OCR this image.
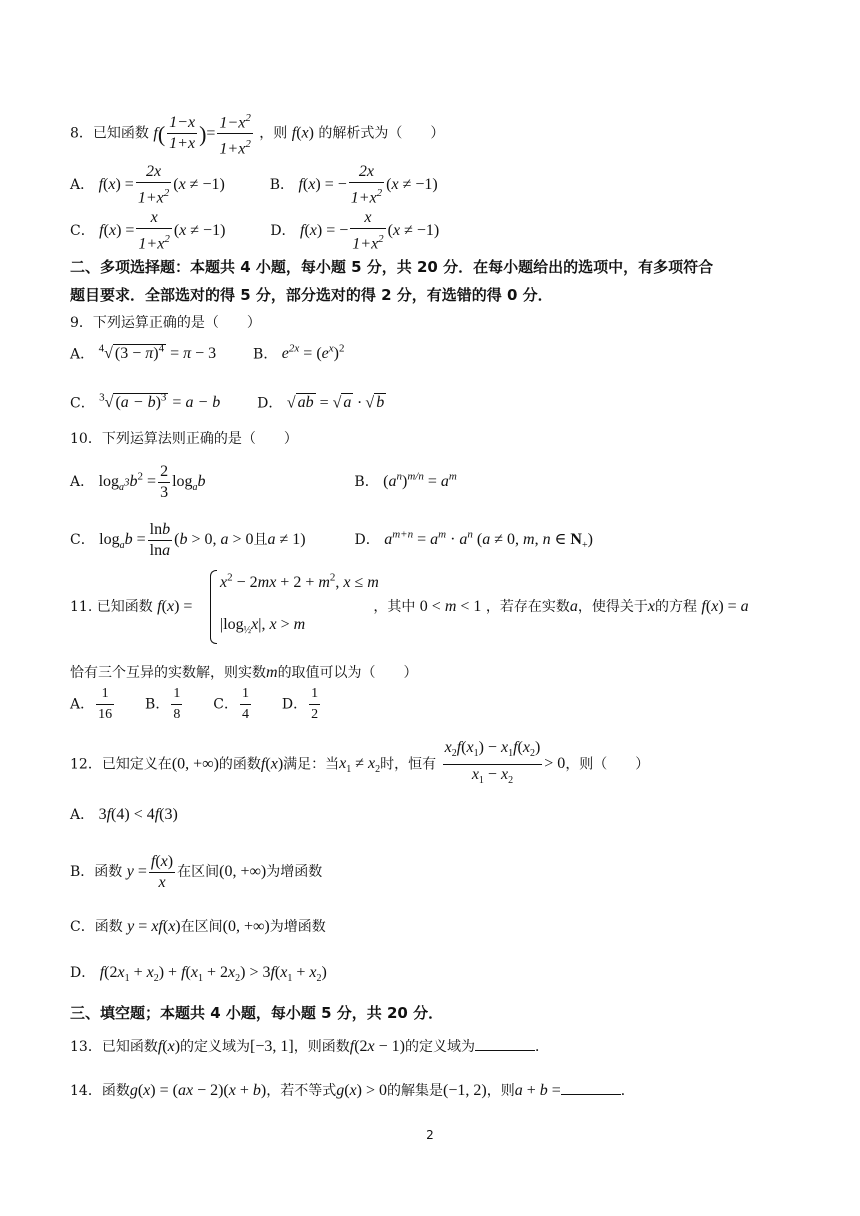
8．已知函数 $f( \frac{1-x}{1+x}$ )= $\frac{1-x^2}{1+x^2}$ ，则 f(x) 的解析式为（　　）
A． $f(x) = \frac{2x}{1+x^2} (x \ne -1)$	B． f(x) = − $\frac{2x}{1+x^2} (x \ne -1)$
C． $f(x) = \frac{x}{1+x^2} (x \ne -1)$	D． f(x) = − $\frac{x}{1+x^2} (x \ne -1)$
二、多项选择题：本题共 4 小题，每小题 5 分，共 20 分．在每小题给出的选项中，有多项符合
题目要求．全部选对的得 5 分，部分选对的得 2 分，有选错的得 0 分．
9．下列运算正确的是（　　）
A． $^4$√ $(3 - \pi)^4 = \pi - 3$	B． $e^{2x} = (e^x)^2$
C． $^3$√ $(a - b)^3 = a - b$	D． √ ab = √ a · √ b
10．下列运算法则正确的是（　　）
A． $\log_{a3}b^2 = \frac{2}{3} \log_ab$	B． $(a^n)^{m/n} = a^m$
C． $\log_ab = \frac{\ln b}{\ln a} (b > 0$, a > 0且a ≠ 1)	D． $a^{m+n} = a^m \cdot a^n$ (a ≠ 0, m, n ∈ $N_+$)
$x^2 - 2mx + 2 + m^2$, x ≤ m
11. 已知函数 f(x) =	，其中 0 < m < 1 ，若存在实数a，使得关于x的方程 f(x) = a
$|\log_{\frac{1}{2}}x|$, x > m
恰有三个互异的实数解，则实数m的取值可以为（　　）
A． $\frac{1}{16}$ B． $\frac{1}{8}$ C． $\frac{1}{4}$ D． $\frac{1}{2}$
12．已知定义在(0, +∞)的函数f(x)满足：当$x_1 \ne x_2$时，恒有 $\frac{x_2f(x_1) - x_1f(x_2)}{x_1 - x_2} > 0$，则（　　）
A． 3f(4) < 4f(3)
B．函数 $y = \frac{f(x)}{x}$ 在区间(0, +∞)为增函数
C．函数 y = xf(x)在区间(0, +∞)为增函数
D． $f(2x_1 + x_2) + f(x_1 + 2x_2) > 3f(x_1 + x_2)$
三、填空题；本题共 4 小题，每小题 5 分，共 20 分．
13．已知函数f(x)的定义域为[−3, 1]，则函数f(2x − 1)的定义域为	．
14．函数g(x) = (ax − 2)(x + b)，若不等式g(x) > 0的解集是(−1, 2)，则a + b =	．
2
